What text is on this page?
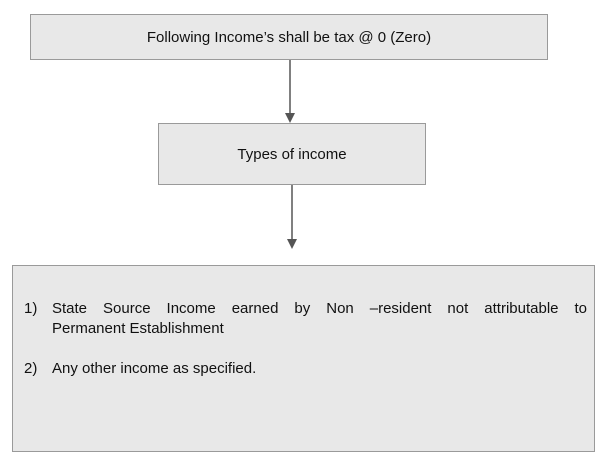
Following Income’s shall be tax @ 0 (Zero)
Types of income
1) State Source Income earned by Non –resident not attributable to
Permanent Establishment
2) Any other income as specified.
